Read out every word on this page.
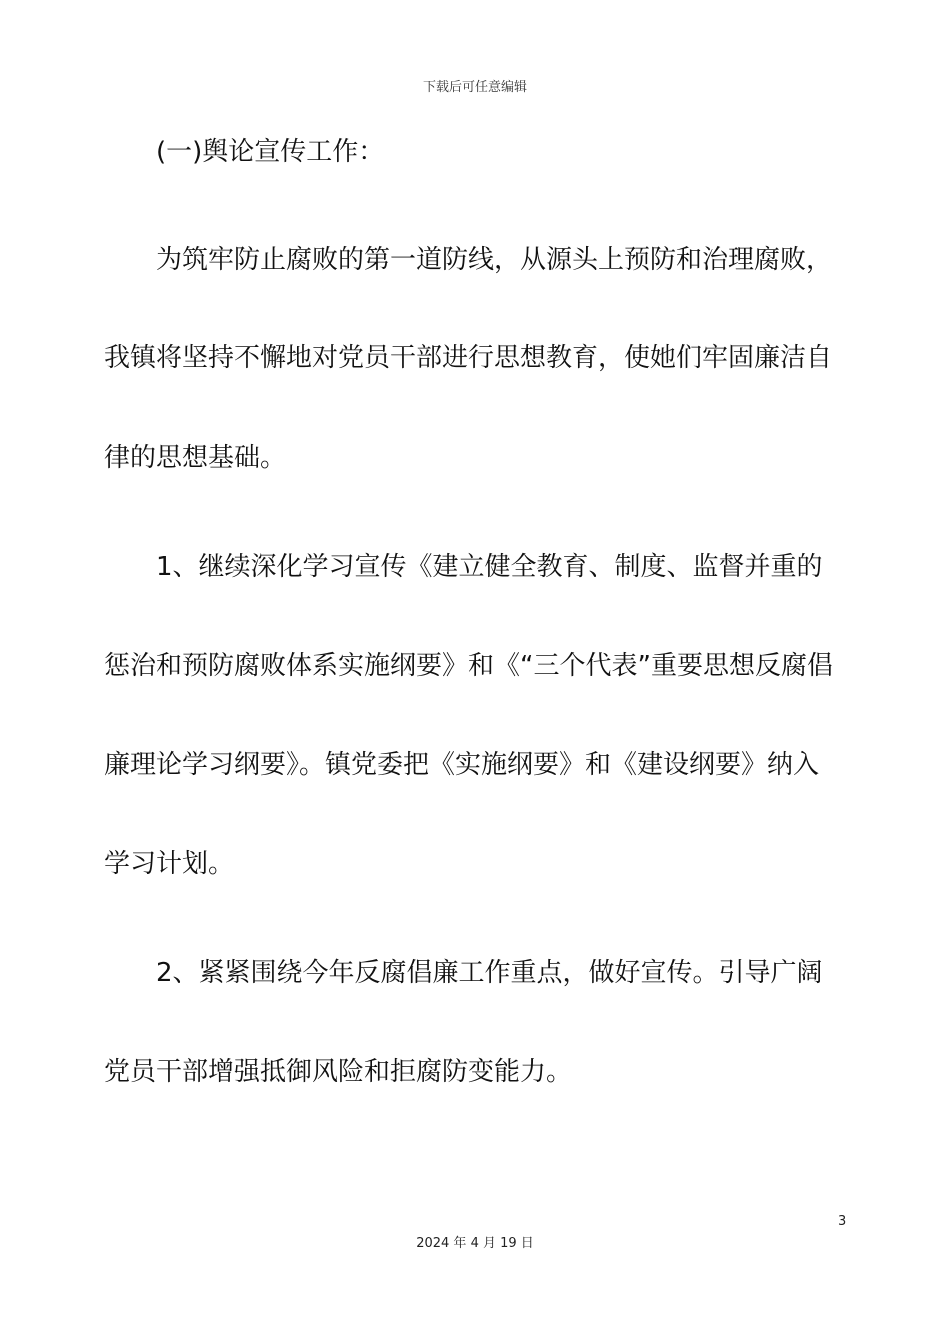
下载后可任意编辑
(一)舆论宣传工作：
为筑牢防止腐败的第一道防线，从源头上预防和治理腐败，
我镇将坚持不懈地对党员干部进行思想教育，使她们牢固廉洁自
律的思想基础。
1、继续深化学习宣传《建立健全教育、制度、监督并重的
惩治和预防腐败体系实施纲要》和《“三个代表”重要思想反腐倡
廉理论学习纲要》。镇党委把《实施纲要》和《建设纲要》纳入
学习计划。
2、紧紧围绕今年反腐倡廉工作重点，做好宣传。引导广阔
党员干部增强抵御风险和拒腐防变能力。
3
2024 年 4 月 19 日
